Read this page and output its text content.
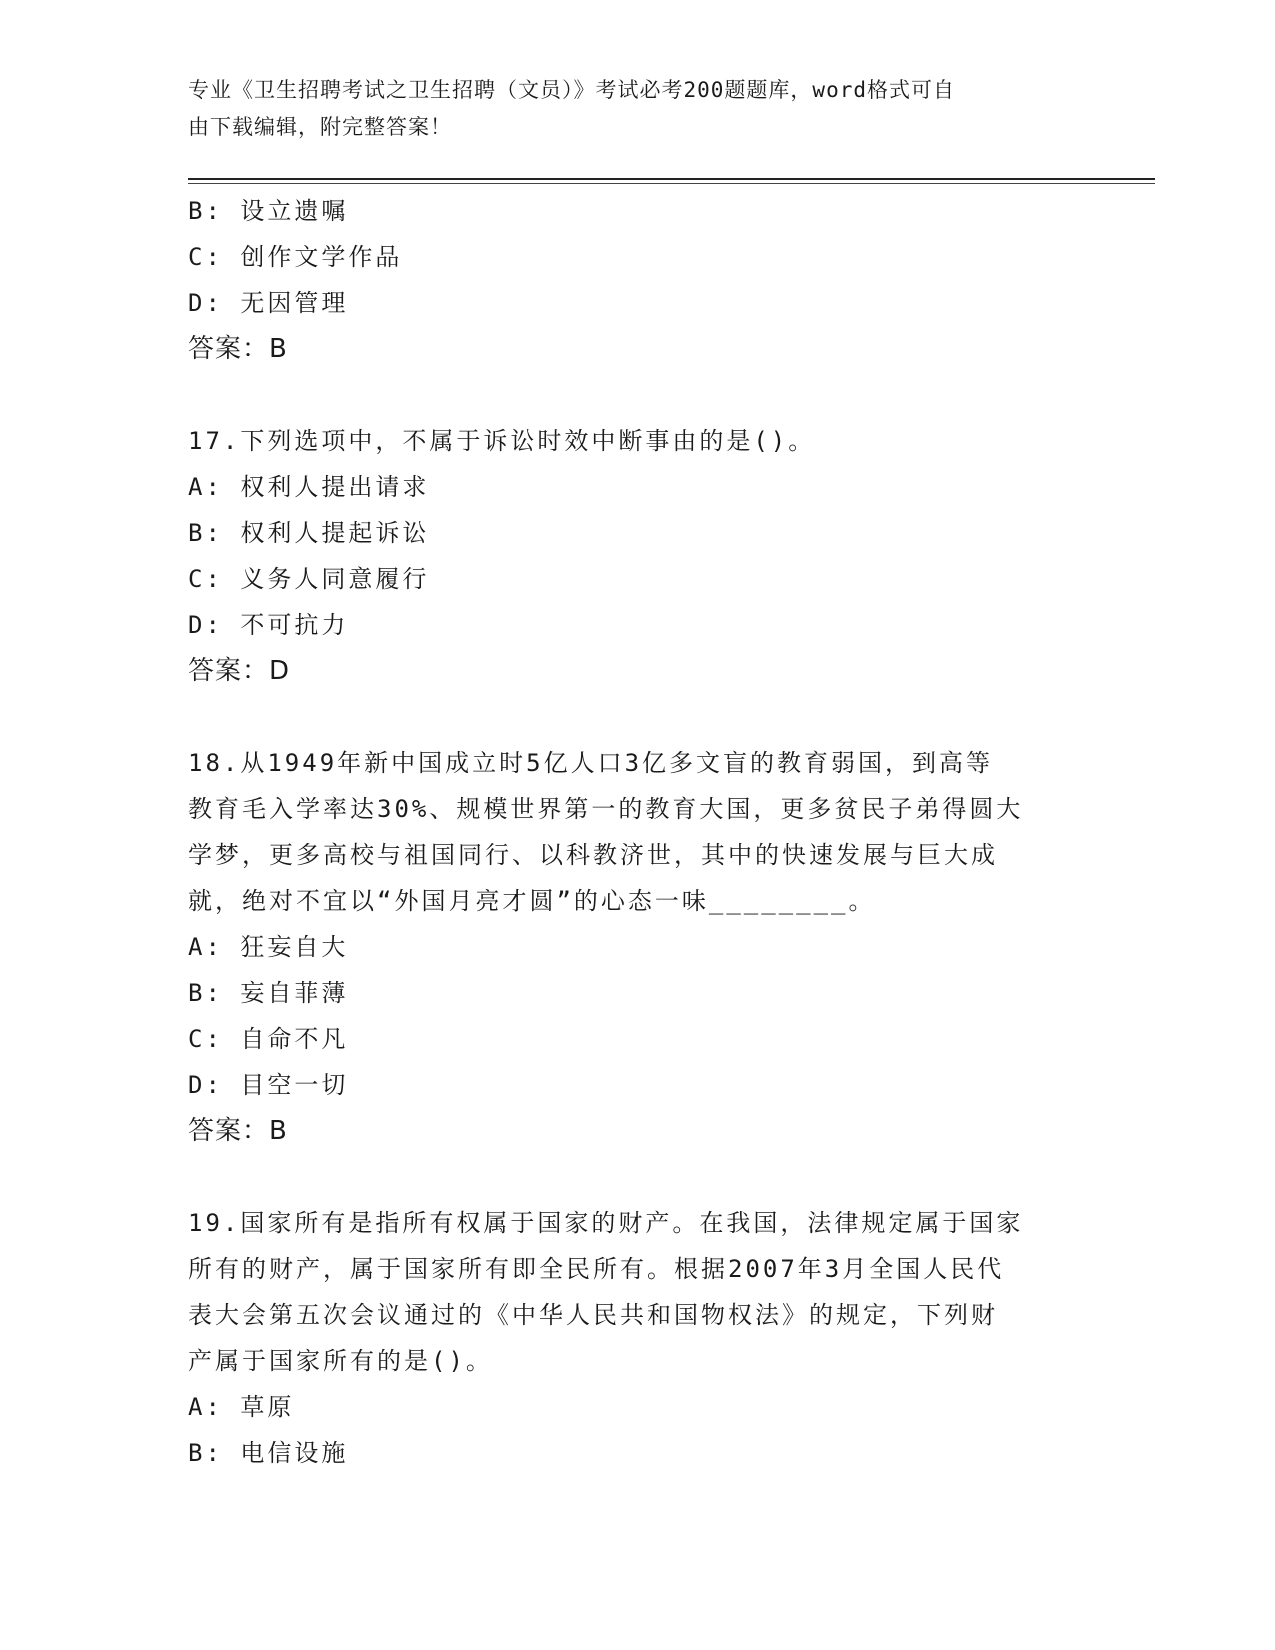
专业《卫生招聘考试之卫生招聘（文员）》考试必考200题题库，word格式可自
由下载编辑，附完整答案！
B: 设立遗嘱
C: 创作文学作品
D: 无因管理
答案：B
17.下列选项中，不属于诉讼时效中断事由的是()。
A: 权利人提出请求
B: 权利人提起诉讼
C: 义务人同意履行
D: 不可抗力
答案：D
18.从1949年新中国成立时5亿人口3亿多文盲的教育弱国，到高等
教育毛入学率达30%、规模世界第一的教育大国，更多贫民子弟得圆大
学梦，更多高校与祖国同行、以科教济世，其中的快速发展与巨大成
就，绝对不宜以“外国月亮才圆”的心态一味________。
A: 狂妄自大
B: 妄自菲薄
C: 自命不凡
D: 目空一切
答案：B
19.国家所有是指所有权属于国家的财产。在我国，法律规定属于国家
所有的财产，属于国家所有即全民所有。根据2007年3月全国人民代
表大会第五次会议通过的《中华人民共和国物权法》的规定，下列财
产属于国家所有的是()。
A: 草原
B: 电信设施
